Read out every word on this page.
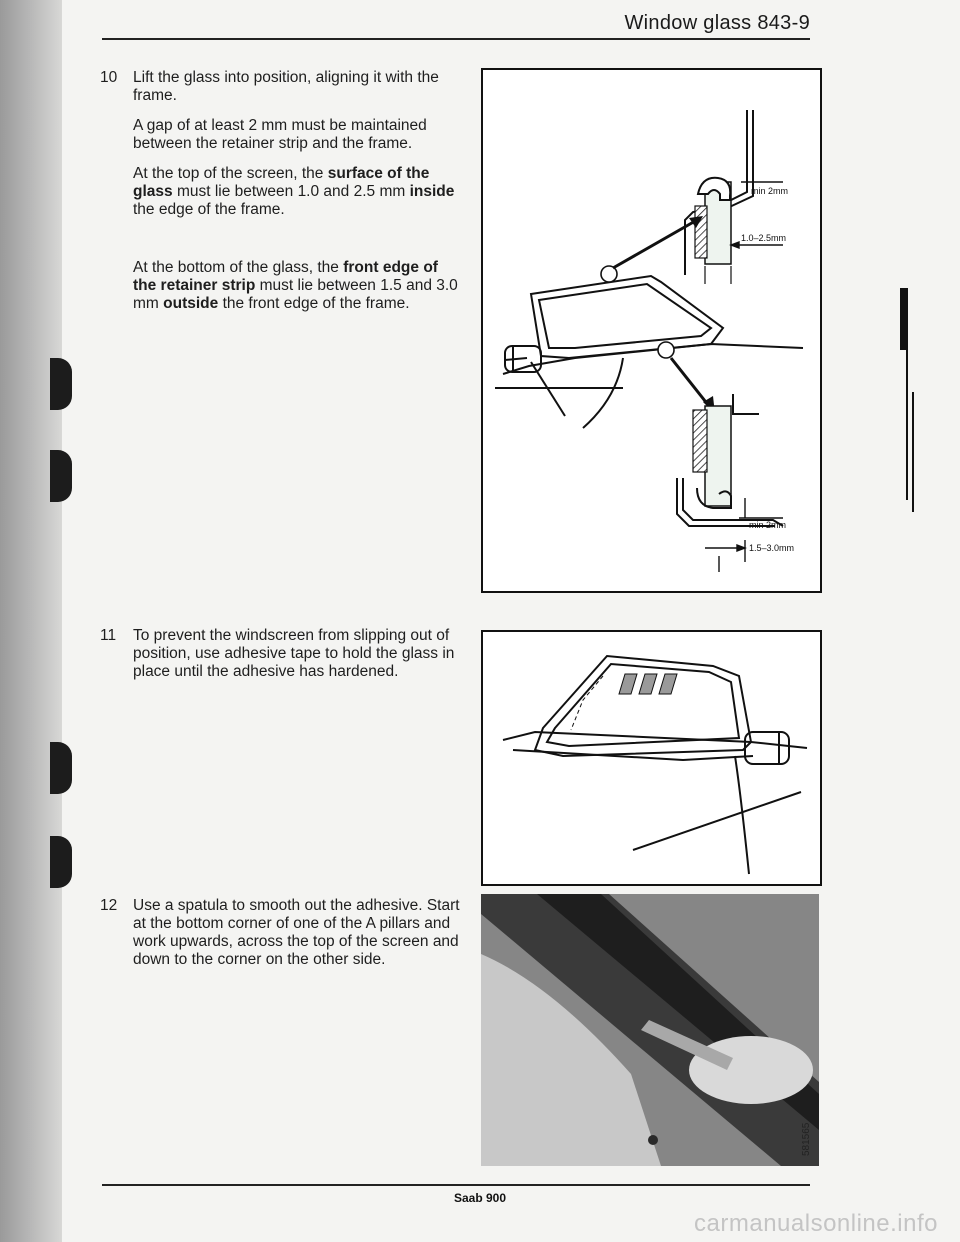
Window glass 843-9
10	Lift the glass into position, aligning it with the frame.

A gap of at least 2 mm must be maintained between the retainer strip and the frame.

At the top of the screen, the surface of the glass must lie between 1.0 and 2.5 mm inside the edge of the frame.

At the bottom of the glass, the front edge of the retainer strip must lie between 1.5 and 3.0 mm outside the front edge of the frame.

11	To prevent the windscreen from slipping out of position, use adhesive tape to hold the glass in place until the adhesive has hardened.

12	Use a spatula to smooth out the adhesive. Start at the bottom corner of one of the A pillars and work upwards, across the top of the screen and down to the corner on the other side.

min 2mm
1.0–2.5mm
min 2mm
1.5–3.0mm
581565
Saab 900
carmanualsonline.info
